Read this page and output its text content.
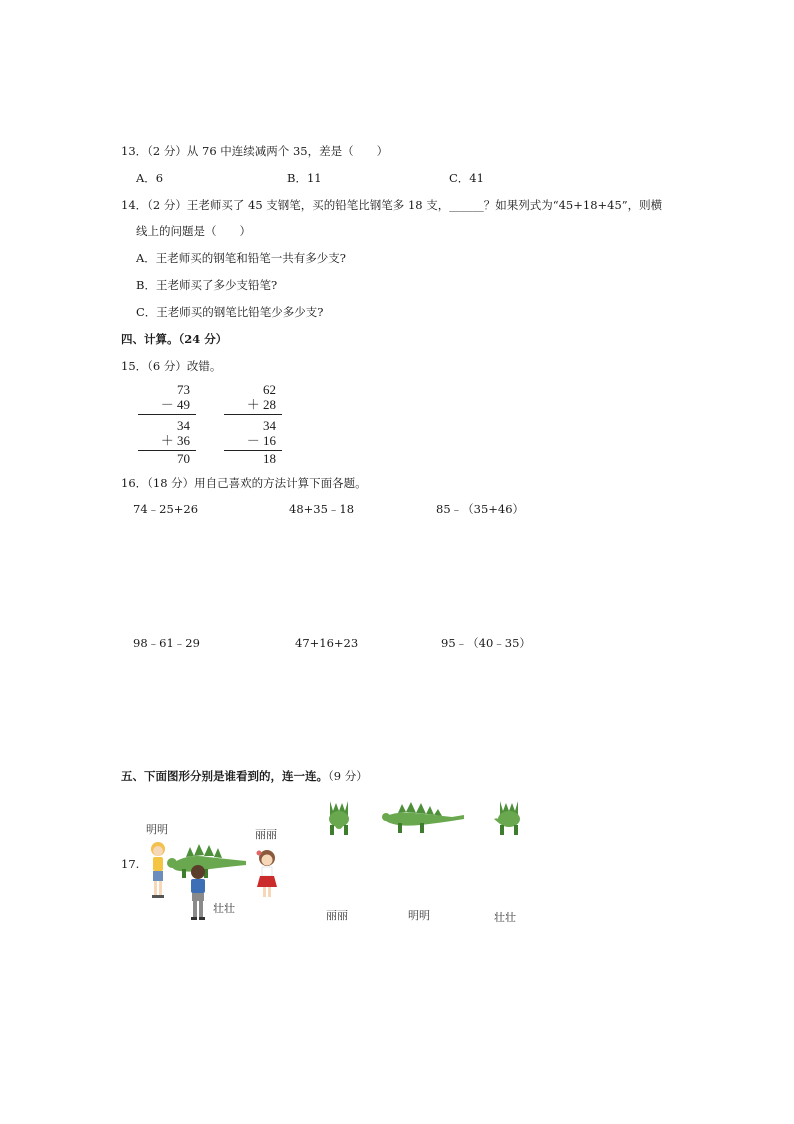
13．（2 分）从 76 中连续减两个 35，差是（　　）
A．6	B．11	C．41
14．（2 分）王老师买了 45 支钢笔，买的铅笔比钢笔多 18 支，______？如果列式为“45+18+45”，则横
线上的问题是（　　）
A．王老师买的钢笔和铅笔一共有多少支?
B．王老师买了多少支铅笔?
C．王老师买的钢笔比铅笔少多少支?
四、计算。（24 分）
15．（6 分）改错。
73
－ 49
34
＋ 36
70
62
＋ 28
34
－ 16
18
16．（18 分）用自己喜欢的方法计算下面各题。
74﹣25+26	48+35﹣18	85﹣（35+46）
98﹣61﹣29	47+16+23	95﹣（40﹣35）
五、下面图形分别是谁看到的，连一连。（9 分）
17.
明明	丽丽
壮壮
丽丽	明明	壮壮
